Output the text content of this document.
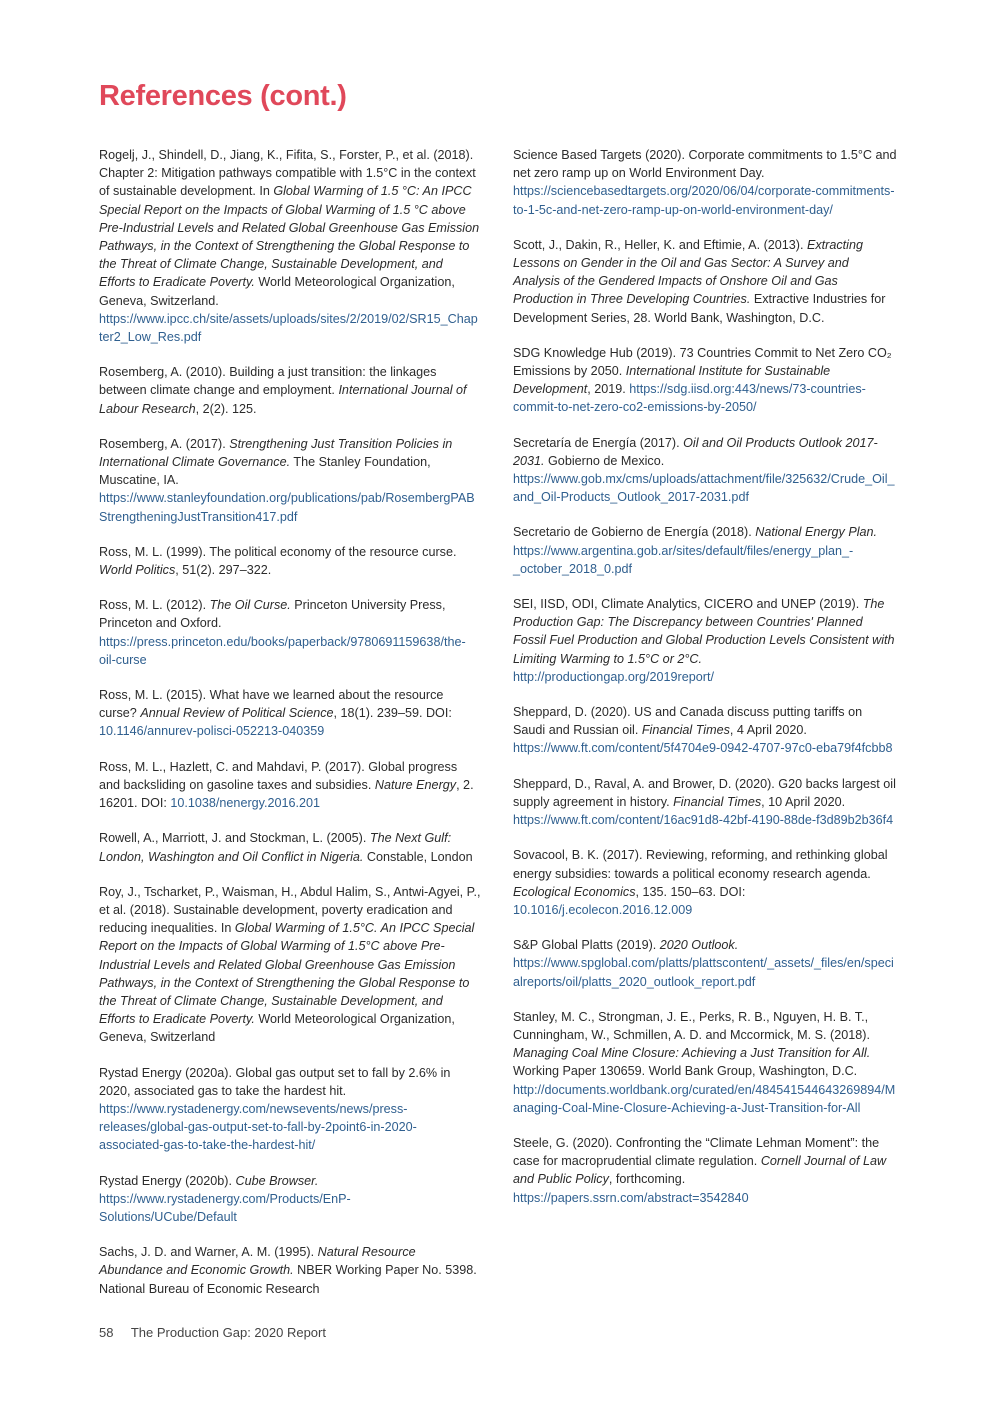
References (cont.)

Rogelj, J., Shindell, D., Jiang, K., Fifita, S., Forster, P., et al. (2018). Chapter 2: Mitigation pathways compatible with 1.5°C in the context of sustainable development. In Global Warming of 1.5 °C: An IPCC Special Report on the Impacts of Global Warming of 1.5 °C above Pre-Industrial Levels and Related Global Greenhouse Gas Emission Pathways, in the Context of Strengthening the Global Response to the Threat of Climate Change, Sustainable Development, and Efforts to Eradicate Poverty. World Meteorological Organization, Geneva, Switzerland. https://www.ipcc.ch/site/assets/uploads/sites/2/2019/02/SR15_Chapter2_Low_Res.pdf

Rosemberg, A. (2010). Building a just transition: the linkages between climate change and employment. International Journal of Labour Research, 2(2). 125.

Rosemberg, A. (2017). Strengthening Just Transition Policies in International Climate Governance. The Stanley Foundation, Muscatine, IA. https://www.stanleyfoundation.org/publications/pab/RosembergPABStrengtheningJustTransition417.pdf

Ross, M. L. (1999). The political economy of the resource curse. World Politics, 51(2). 297–322.

Ross, M. L. (2012). The Oil Curse. Princeton University Press, Princeton and Oxford. https://press.princeton.edu/books/paperback/9780691159638/the-oil-curse

Ross, M. L. (2015). What have we learned about the resource curse? Annual Review of Political Science, 18(1). 239–59. DOI: 10.1146/annurev-polisci-052213-040359

Ross, M. L., Hazlett, C. and Mahdavi, P. (2017). Global progress and backsliding on gasoline taxes and subsidies. Nature Energy, 2. 16201. DOI: 10.1038/nenergy.2016.201

Rowell, A., Marriott, J. and Stockman, L. (2005). The Next Gulf: London, Washington and Oil Conflict in Nigeria. Constable, London

Roy, J., Tscharket, P., Waisman, H., Abdul Halim, S., Antwi-Agyei, P., et al. (2018). Sustainable development, poverty eradication and reducing inequalities. In Global Warming of 1.5°C. An IPCC Special Report on the Impacts of Global Warming of 1.5°C above Pre-Industrial Levels and Related Global Greenhouse Gas Emission Pathways, in the Context of Strengthening the Global Response to the Threat of Climate Change, Sustainable Development, and Efforts to Eradicate Poverty. World Meteorological Organization, Geneva, Switzerland

Rystad Energy (2020a). Global gas output set to fall by 2.6% in 2020, associated gas to take the hardest hit. https://www.rystadenergy.com/newsevents/news/press-releases/global-gas-output-set-to-fall-by-2point6-in-2020-associated-gas-to-take-the-hardest-hit/

Rystad Energy (2020b). Cube Browser. https://www.rystadenergy.com/Products/EnP-Solutions/UCube/Default

Sachs, J. D. and Warner, A. M. (1995). Natural Resource Abundance and Economic Growth. NBER Working Paper No. 5398. National Bureau of Economic Research

Science Based Targets (2020). Corporate commitments to 1.5°C and net zero ramp up on World Environment Day. https://sciencebasedtargets.org/2020/06/04/corporate-commitments-to-1-5c-and-net-zero-ramp-up-on-world-environment-day/

Scott, J., Dakin, R., Heller, K. and Eftimie, A. (2013). Extracting Lessons on Gender in the Oil and Gas Sector: A Survey and Analysis of the Gendered Impacts of Onshore Oil and Gas Production in Three Developing Countries. Extractive Industries for Development Series, 28. World Bank, Washington, D.C.

SDG Knowledge Hub (2019). 73 Countries Commit to Net Zero CO₂ Emissions by 2050. International Institute for Sustainable Development, 2019. https://sdg.iisd.org:443/news/73-countries-commit-to-net-zero-co2-emissions-by-2050/

Secretaría de Energía (2017). Oil and Oil Products Outlook 2017-2031. Gobierno de Mexico. https://www.gob.mx/cms/uploads/attachment/file/325632/Crude_Oil_and_Oil-Products_Outlook_2017-2031.pdf

Secretario de Gobierno de Energía (2018). National Energy Plan. https://www.argentina.gob.ar/sites/default/files/energy_plan_-_october_2018_0.pdf

SEI, IISD, ODI, Climate Analytics, CICERO and UNEP (2019). The Production Gap: The Discrepancy between Countries' Planned Fossil Fuel Production and Global Production Levels Consistent with Limiting Warming to 1.5°C or 2°C. http://productiongap.org/2019report/

Sheppard, D. (2020). US and Canada discuss putting tariffs on Saudi and Russian oil. Financial Times, 4 April 2020. https://www.ft.com/content/5f4704e9-0942-4707-97c0-eba79f4fcbb8

Sheppard, D., Raval, A. and Brower, D. (2020). G20 backs largest oil supply agreement in history. Financial Times, 10 April 2020. https://www.ft.com/content/16ac91d8-42bf-4190-88de-f3d89b2b36f4

Sovacool, B. K. (2017). Reviewing, reforming, and rethinking global energy subsidies: towards a political economy research agenda. Ecological Economics, 135. 150–63. DOI: 10.1016/j.ecolecon.2016.12.009

S&P Global Platts (2019). 2020 Outlook. https://www.spglobal.com/platts/plattscontent/_assets/_files/en/specialreports/oil/platts_2020_outlook_report.pdf

Stanley, M. C., Strongman, J. E., Perks, R. B., Nguyen, H. B. T., Cunningham, W., Schmillen, A. D. and Mccormick, M. S. (2018). Managing Coal Mine Closure: Achieving a Just Transition for All. Working Paper 130659. World Bank Group, Washington, D.C. http://documents.worldbank.org/curated/en/484541544643269894/Managing-Coal-Mine-Closure-Achieving-a-Just-Transition-for-All

Steele, G. (2020). Confronting the “Climate Lehman Moment”: the case for macroprudential climate regulation. Cornell Journal of Law and Public Policy, forthcoming. https://papers.ssrn.com/abstract=3542840

58 The Production Gap: 2020 Report
